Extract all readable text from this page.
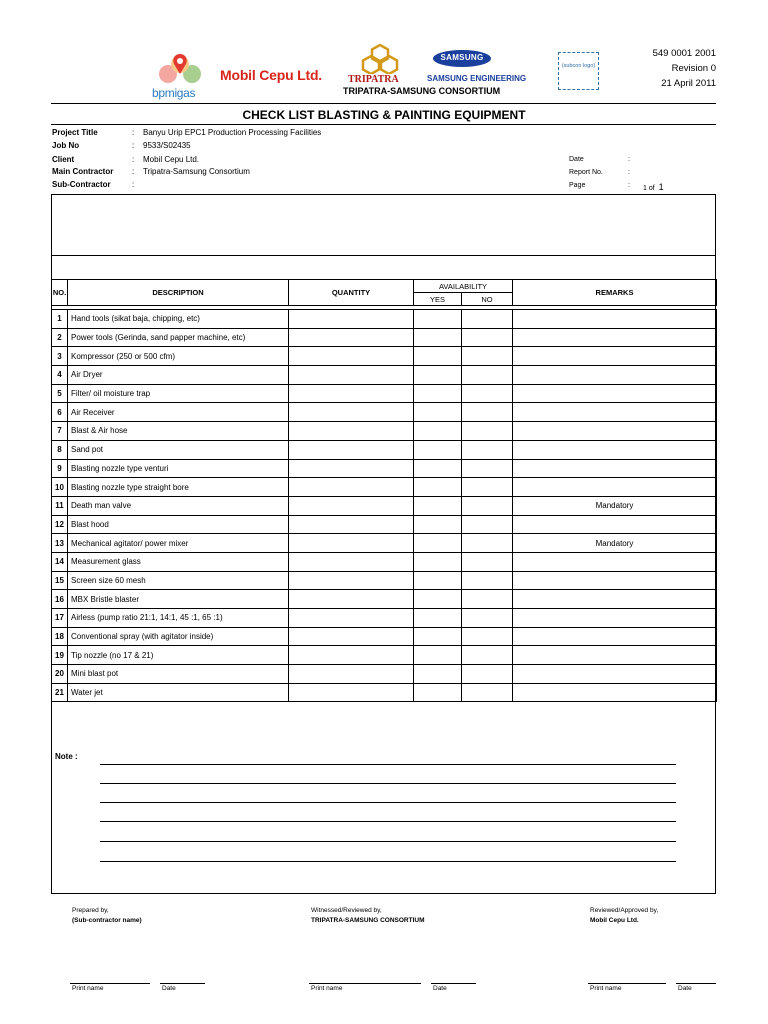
bpmigas
Mobil Cepu Ltd.	TRIPATRA
SAMSUNG
SAMSUNG ENGINEERING
TRIPATRA-SAMSUNG CONSORTIUM
(subcon logo)
549 0001 2001
Revision 0
21 April 2011
CHECK LIST BLASTING & PAINTING EQUIPMENT
Project Title	: Banyu Urip EPC1 Production Processing Facilities
Job No	: 9533/S02435
Client	: Mobil Cepu Ltd.
Main Contractor	: Tripatra-Samsung Consortium
Sub-Contractor	:
Date	:
Report No.	:
Page	: 1 of 1
NO.	DESCRIPTION	QUANTITY	AVAILABILITY		REMARKS
			YES	NO	

1	Hand tools (sikat baja, chipping, etc)				
2	Power tools (Gerinda, sand papper machine, etc)				
3	Kompressor (250 or 500 cfm)				
4	Air Dryer				
5	Filter/ oil moisture trap				
6	Air Receiver				
7	Blast & Air hose				
8	Sand pot				
9	Blasting nozzle type venturi				
10	Blasting nozzle type straight bore				
11	Death man valve				Mandatory
12	Blast hood				
13	Mechanical agitator/ power mixer				Mandatory
14	Measurement glass				
15	Screen size 60 mesh				
16	MBX Bristle blaster				
17	Airless (pump ratio 21:1, 14:1, 45 :1, 65 :1)				
18	Conventional spray (with agitator inside)				
19	Tip nozzle (no 17 & 21)				
20	Mini blast pot				
21	Water jet				
Note :
Prepared by,
(Sub-contractor name)
Witnessed/Reviewed by,
TRIPATRA-SAMSUNG CONSORTIUM
Reviewed/Approved by,
Mobil Cepu Ltd.
Print name	Date	Print name	Date	Print name	Date
